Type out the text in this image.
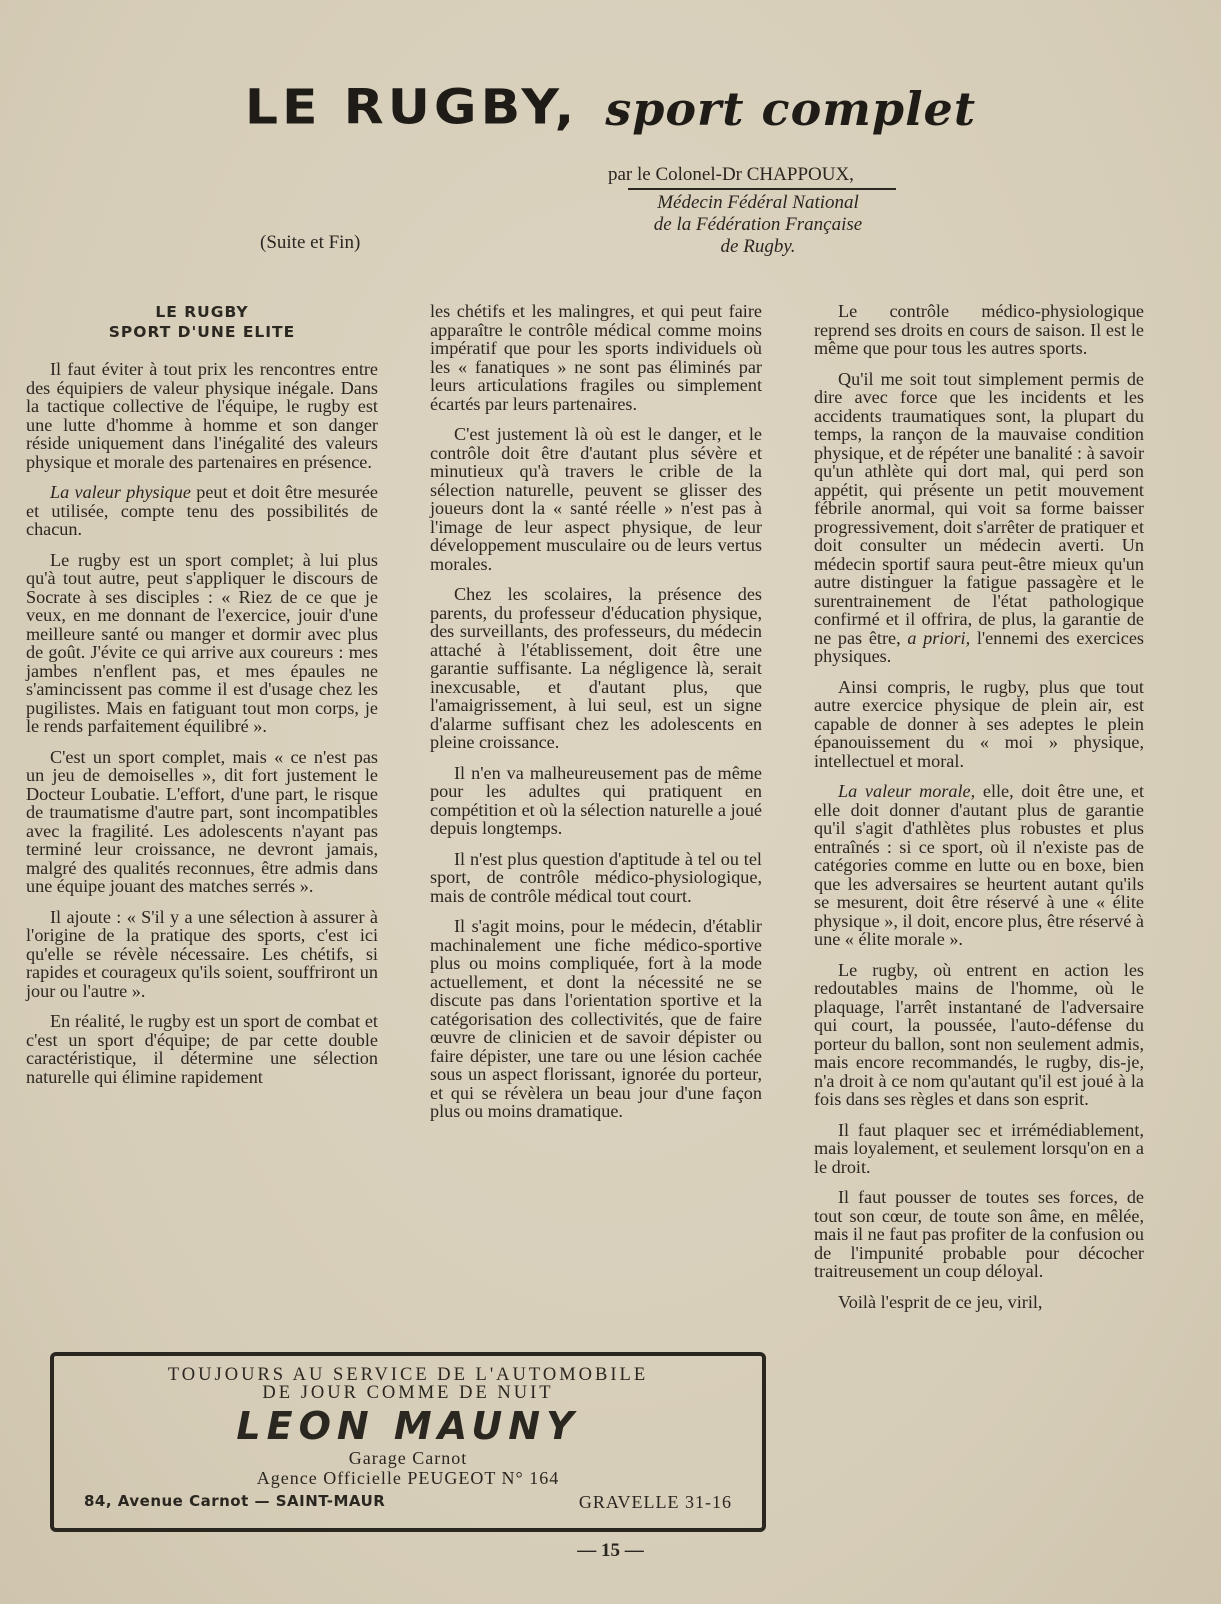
LE RUGBY, sport complet
par le Colonel-Dr CHAPPOUX,
Médecin Fédéral National
de la Fédération Française
de Rugby.
(Suite et Fin)
LE RUGBY
SPORT D'UNE ELITE

Il faut éviter à tout prix les rencontres entre des équipiers de valeur physique inégale. Dans la tactique collective de l'équipe, le rugby est une lutte d'homme à homme et son danger réside uniquement dans l'inégalité des valeurs physique et morale des partenaires en présence.

La valeur physique peut et doit être mesurée et utilisée, compte tenu des possibilités de chacun.

Le rugby est un sport complet; à lui plus qu'à tout autre, peut s'appliquer le discours de Socrate à ses disciples : « Riez de ce que je veux, en me donnant de l'exercice, jouir d'une meilleure santé ou manger et dormir avec plus de goût. J'évite ce qui arrive aux coureurs : mes jambes n'enflent pas, et mes épaules ne s'amincissent pas comme il est d'usage chez les pugilistes. Mais en fatiguant tout mon corps, je le rends parfaitement équilibré ».

C'est un sport complet, mais « ce n'est pas un jeu de demoiselles », dit fort justement le Docteur Loubatie. L'effort, d'une part, le risque de traumatisme d'autre part, sont incompatibles avec la fragilité. Les adolescents n'ayant pas terminé leur croissance, ne devront jamais, malgré des qualités reconnues, être admis dans une équipe jouant des matches serrés ».

Il ajoute : « S'il y a une sélection à assurer à l'origine de la pratique des sports, c'est ici qu'elle se révèle nécessaire. Les chétifs, si rapides et courageux qu'ils soient, souffriront un jour ou l'autre ».

En réalité, le rugby est un sport de combat et c'est un sport d'équipe; de par cette double caractéristique, il détermine une sélection naturelle qui élimine rapidement

les chétifs et les malingres, et qui peut faire apparaître le contrôle médical comme moins impératif que pour les sports individuels où les « fanatiques » ne sont pas éliminés par leurs articulations fragiles ou simplement écartés par leurs partenaires.

C'est justement là où est le danger, et le contrôle doit être d'autant plus sévère et minutieux qu'à travers le crible de la sélection naturelle, peuvent se glisser des joueurs dont la « santé réelle » n'est pas à l'image de leur aspect physique, de leur développement musculaire ou de leurs vertus morales.

Chez les scolaires, la présence des parents, du professeur d'éducation physique, des surveillants, des professeurs, du médecin attaché à l'établissement, doit être une garantie suffisante. La négligence là, serait inexcusable, et d'autant plus, que l'amaigrissement, à lui seul, est un signe d'alarme suffisant chez les adolescents en pleine croissance.

Il n'en va malheureusement pas de même pour les adultes qui pratiquent en compétition et où la sélection naturelle a joué depuis longtemps.

Il n'est plus question d'aptitude à tel ou tel sport, de contrôle médico-physiologique, mais de contrôle médical tout court.

Il s'agit moins, pour le médecin, d'établir machinalement une fiche médico-sportive plus ou moins compliquée, fort à la mode actuellement, et dont la nécessité ne se discute pas dans l'orientation sportive et la catégorisation des collectivités, que de faire œuvre de clinicien et de savoir dépister ou faire dépister, une tare ou une lésion cachée sous un aspect florissant, ignorée du porteur, et qui se révèlera un beau jour d'une façon plus ou moins dramatique.

Le contrôle médico-physiologique reprend ses droits en cours de saison. Il est le même que pour tous les autres sports.

Qu'il me soit tout simplement permis de dire avec force que les incidents et les accidents traumatiques sont, la plupart du temps, la rançon de la mauvaise condition physique, et de répéter une banalité : à savoir qu'un athlète qui dort mal, qui perd son appétit, qui présente un petit mouvement fébrile anormal, qui voit sa forme baisser progressivement, doit s'arrêter de pratiquer et doit consulter un médecin averti. Un médecin sportif saura peut-être mieux qu'un autre distinguer la fatigue passagère et le surentrainement de l'état pathologique confirmé et il offrira, de plus, la garantie de ne pas être, a priori, l'ennemi des exercices physiques.

Ainsi compris, le rugby, plus que tout autre exercice physique de plein air, est capable de donner à ses adeptes le plein épanouissement du « moi » physique, intellectuel et moral.

La valeur morale, elle, doit être une, et elle doit donner d'autant plus de garantie qu'il s'agit d'athlètes plus robustes et plus entraînés : si ce sport, où il n'existe pas de catégories comme en lutte ou en boxe, bien que les adversaires se heurtent autant qu'ils se mesurent, doit être réservé à une « élite physique », il doit, encore plus, être réservé à une « élite morale ».

Le rugby, où entrent en action les redoutables mains de l'homme, où le plaquage, l'arrêt instantané de l'adversaire qui court, la poussée, l'auto-défense du porteur du ballon, sont non seulement admis, mais encore recommandés, le rugby, dis-je, n'a droit à ce nom qu'autant qu'il est joué à la fois dans ses règles et dans son esprit.

Il faut plaquer sec et irrémédiablement, mais loyalement, et seulement lorsqu'on en a le droit.

Il faut pousser de toutes ses forces, de tout son cœur, de toute son âme, en mêlée, mais il ne faut pas profiter de la confusion ou de l'impunité probable pour décocher traitreusement un coup déloyal.

Voilà l'esprit de ce jeu, viril,

TOUJOURS AU SERVICE DE L'AUTOMOBILE
DE JOUR COMME DE NUIT
LEON MAUNY
Garage Carnot
Agence Officielle PEUGEOT N° 164
84, Avenue Carnot — SAINT-MAUR	GRAVELLE 31-16
— 15 —
